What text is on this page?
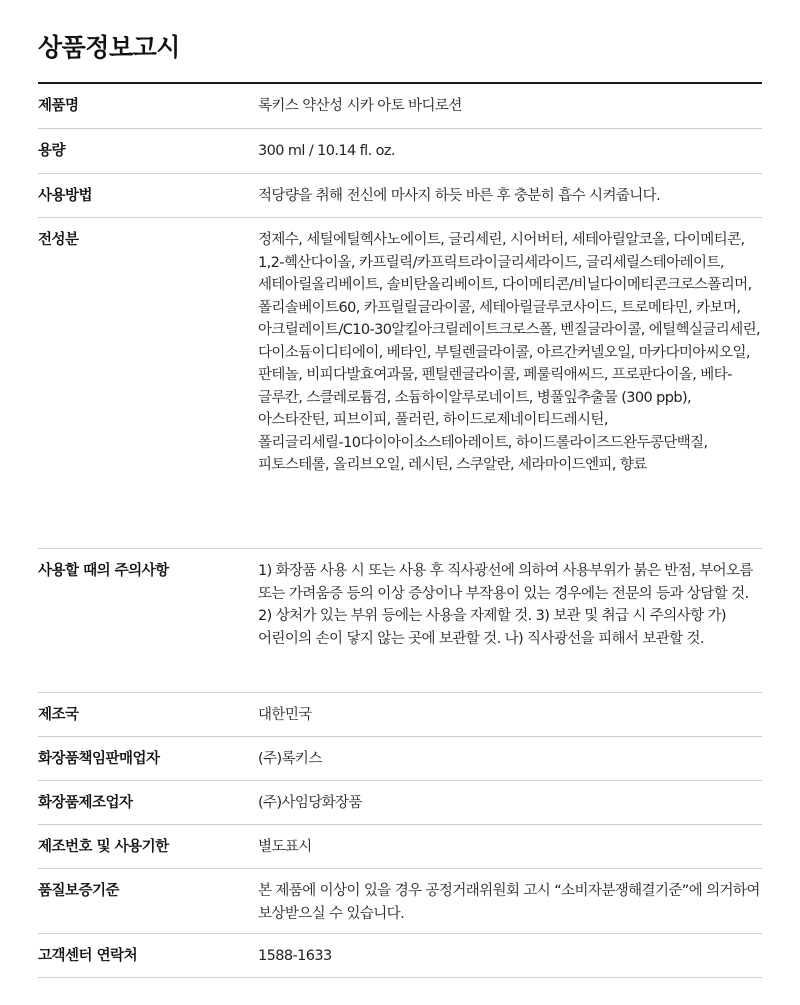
상품정보고시
제품명	록키스 약산성 시카 아토 바디로션
용량	300 ml / 10.14 fl. oz.
사용방법	적당량을 취해 전신에 마사지 하듯 바른 후 충분히 흡수 시켜줍니다.
전성분	정제수, 세틸에틸헥사노에이트, 글리세린, 시어버터, 세테아릴알코올, 다이메티콘, 1,2-헥산다이올, 카프릴릭/카프릭트라이글리세라이드, 글리세릴스테아레이트, 세테아릴올리베이트, 솔비탄올리베이트, 다이메티콘/비닐다이메티콘크로스폴리머, 폴리솔베이트60, 카프릴릴글라이콜, 세테아릴글루코사이드, 트로메타민, 카보머, 아크릴레이트/C10-30알킬아크릴레이트크로스폴, 벤질글라이콜, 에틸헥실글리세린, 다이소듐이디티에이, 베타인, 부틸렌글라이콜, 아르간커넬오일, 마카다미아씨오일, 판테놀, 비피다발효여과물, 펜틸렌글라이콜, 페룰릭애씨드, 프로판다이올, 베타-글루칸, 스클레로튬검, 소듐하이알루로네이트, 병풀잎추출물 (300 ppb), 아스타잔틴, 피브이피, 풀러린, 하이드로제네이티드레시틴, 폴리글리세릴-10다이아이소스테아레이트, 하이드롤라이즈드완두콩단백질, 피토스테롤, 올리브오일, 레시틴, 스쿠알란, 세라마이드엔피, 향료
사용할 때의 주의사항	1) 화장품 사용 시 또는 사용 후 직사광선에 의하여 사용부위가 붉은 반점, 부어오름 또는 가려움증 등의 이상 증상이나 부작용이 있는 경우에는 전문의 등과 상담할 것. 2) 상처가 있는 부위 등에는 사용을 자제할 것. 3) 보관 및 취급 시 주의사항 가) 어린이의 손이 닿지 않는 곳에 보관할 것. 나) 직사광선을 피해서 보관할 것.
제조국	대한민국
화장품책임판매업자	(주)록키스
화장품제조업자	(주)사임당화장품
제조번호 및 사용기한	별도표시
품질보증기준	본 제품에 이상이 있을 경우 공정거래위원회 고시 “소비자분쟁해결기준”에 의거하여 보상받으실 수 있습니다.
고객센터 연락처	1588-1633
